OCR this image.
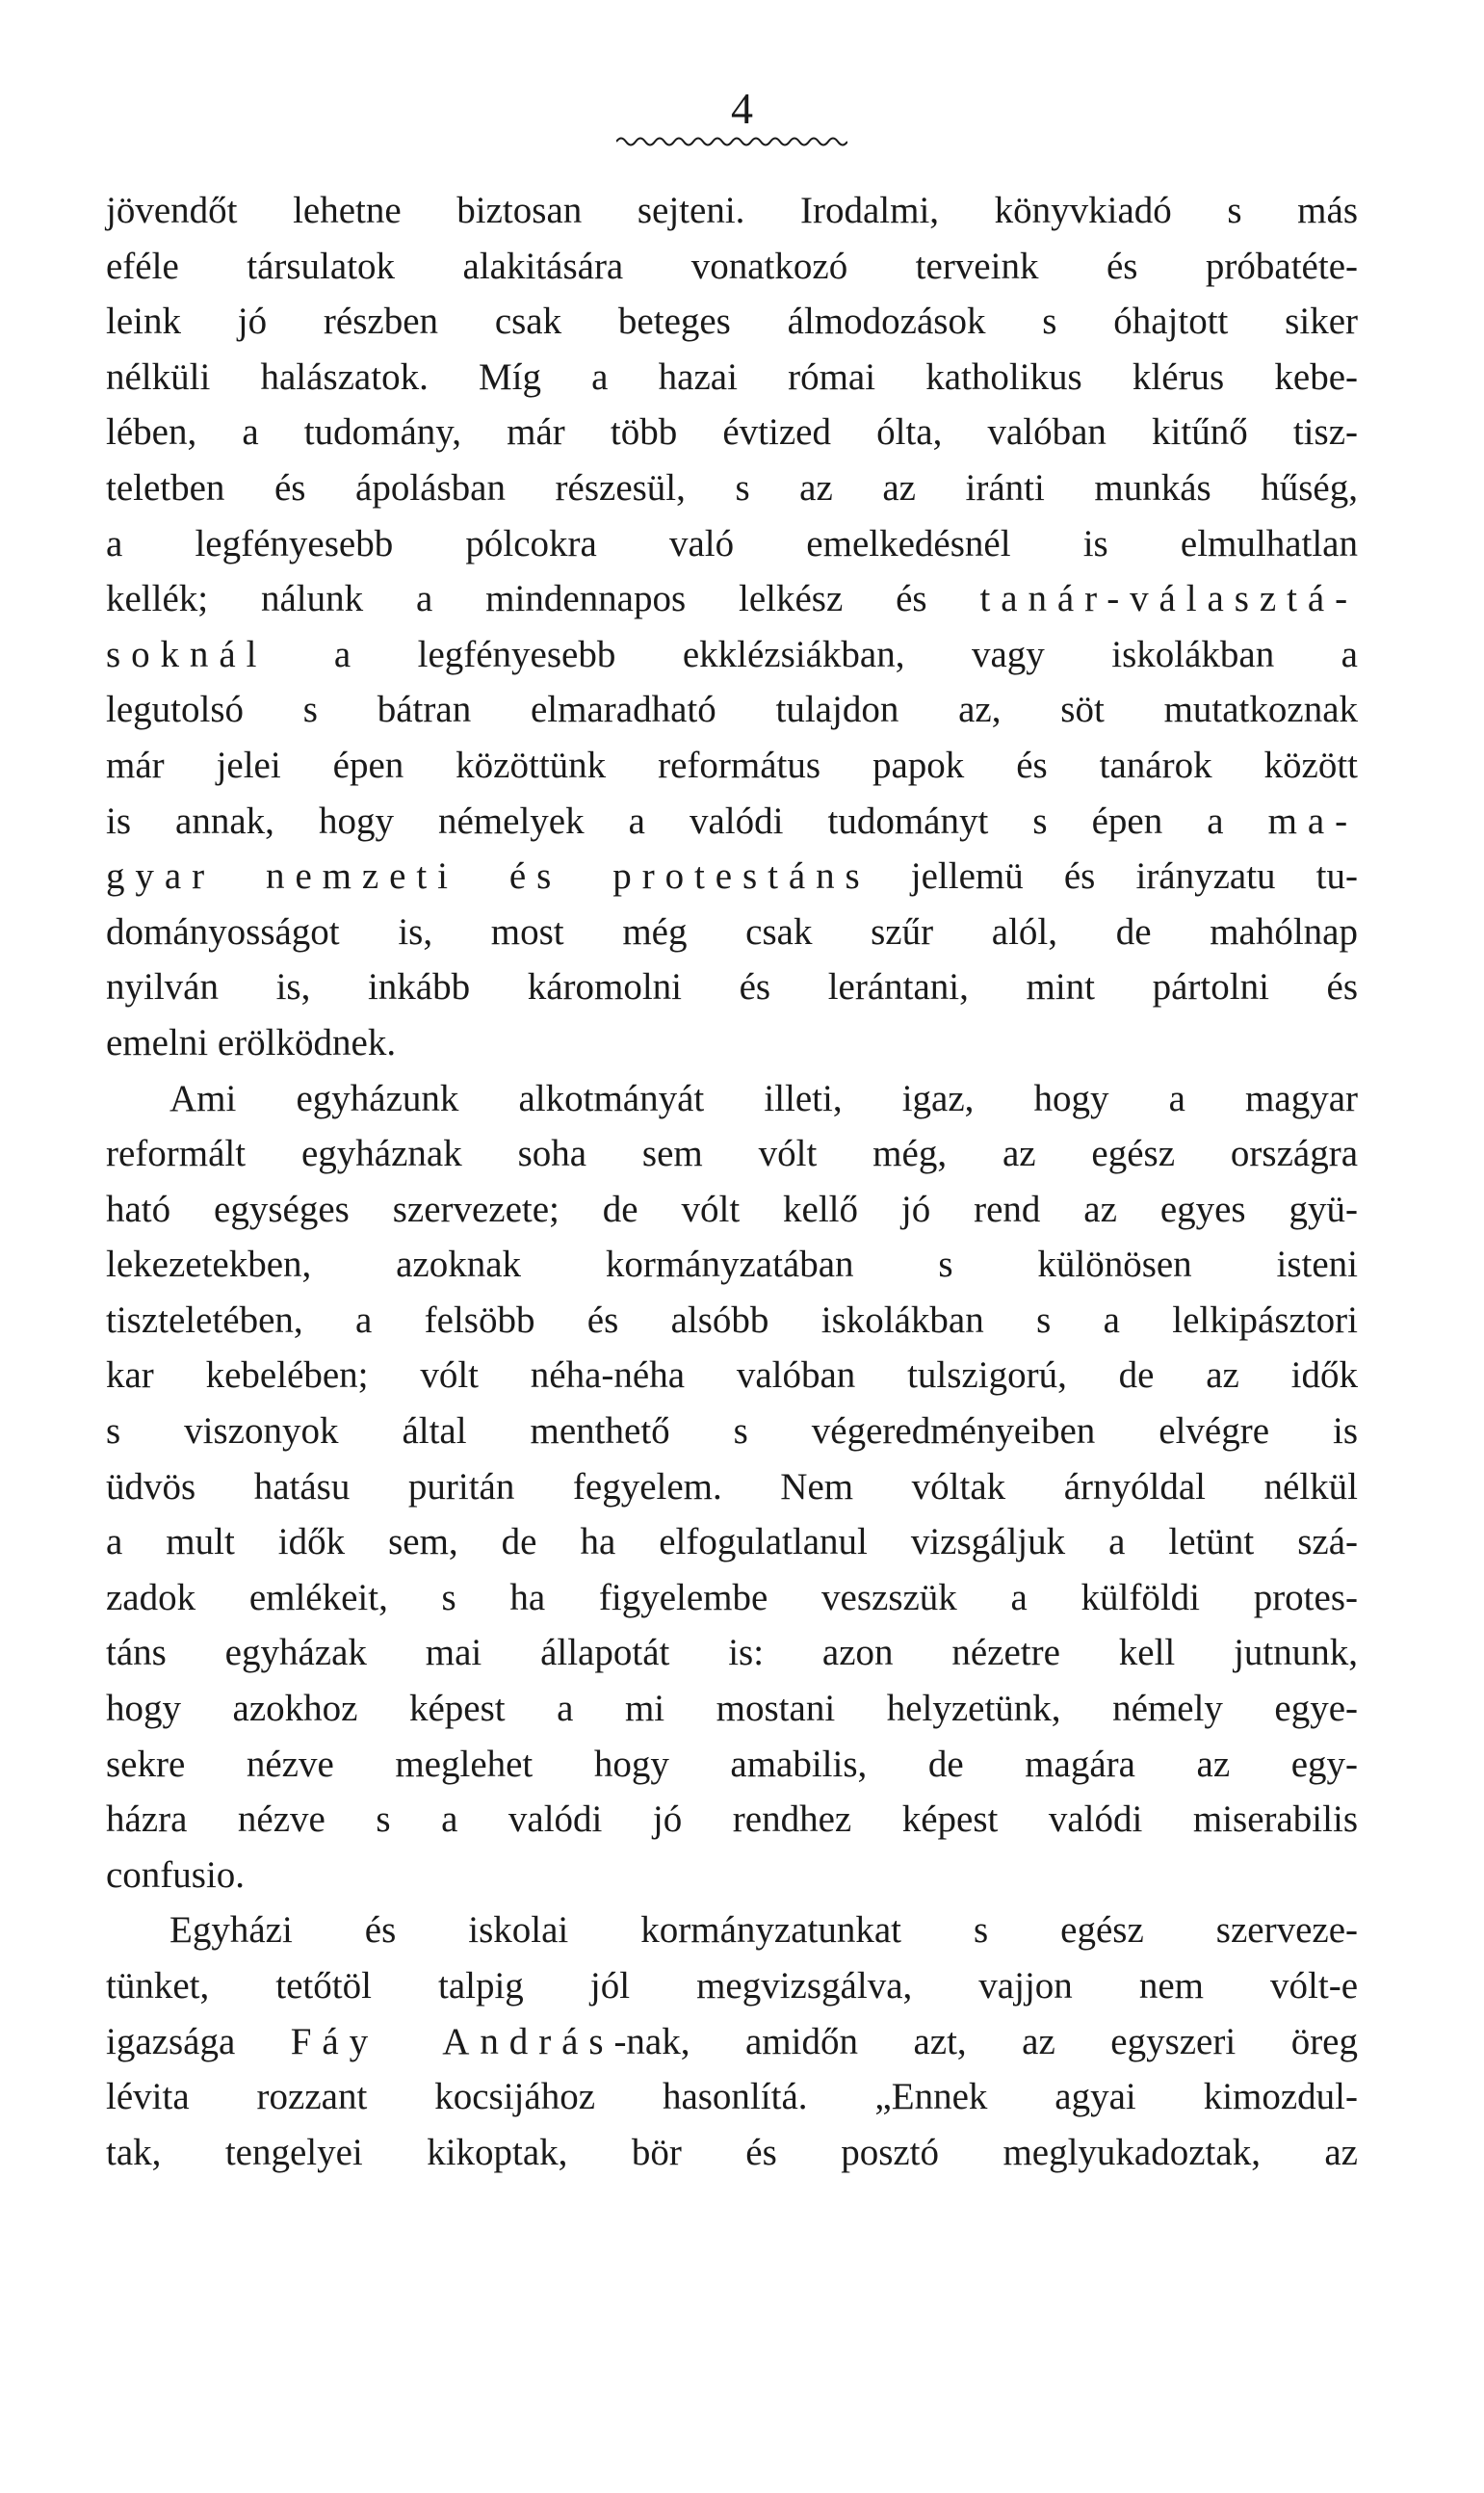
4
jövendőt lehetne biztosan sejteni. Irodalmi, könyvkiadó s más
eféle társulatok alakitására vonatkozó terveink és próbatéte-
leink jó részben csak beteges álmodozások s óhajtott siker
nélküli halászatok. Míg a hazai római katholikus klérus kebe-
lében, a tudomány, már több évtized ólta, valóban kitűnő tisz-
teletben és ápolásban részesül, s az az iránti munkás hűség,
a legfényesebb pólcokra való emelkedésnél is elmulhatlan
kellék; nálunk a mindennapos lelkész és tanár-választá-
soknál a legfényesebb ekklézsiákban, vagy iskolákban a
legutolsó s bátran elmaradható tulajdon az, söt mutatkoznak
már jelei épen közöttünk református papok és tanárok között
is annak, hogy némelyek a valódi tudományt s épen a ma-
gyar nemzeti és protestáns jellemü és irányzatu tu-
dományosságot is, most még csak szűr alól, de mahólnap
nyilván is, inkább káromolni és lerántani, mint pártolni és
emelni erölködnek.
Ami egyházunk alkotmányát illeti, igaz, hogy a magyar
reformált egyháznak soha sem vólt még, az egész országra
ható egységes szervezete; de vólt kellő jó rend az egyes gyü-
lekezetekben, azoknak kormányzatában s különösen isteni
tiszteletében, a felsöbb és alsóbb iskolákban s a lelkipásztori
kar kebelében; vólt néha-néha valóban tulszigorú, de az idők
s viszonyok által menthető s végeredményeiben elvégre is
üdvös hatásu puritán fegyelem. Nem vóltak árnyóldal nélkül
a mult idők sem, de ha elfogulatlanul vizsgáljuk a letünt szá-
zadok emlékeit, s ha figyelembe veszszük a külföldi protes-
táns egyházak mai állapotát is: azon nézetre kell jutnunk,
hogy azokhoz képest a mi mostani helyzetünk, némely egye-
sekre nézve meglehet hogy amabilis, de magára az egy-
házra nézve s a valódi jó rendhez képest valódi miserabilis
confusio.
Egyházi és iskolai kormányzatunkat s egész szerveze-
tünket, tetőtöl talpig jól megvizsgálva, vajjon nem vólt-e
igazsága Fáy András-nak, amidőn azt, az egyszeri öreg
lévita rozzant kocsijához hasonlítá. „Ennek agyai kimozdul-
tak, tengelyei kikoptak, bör és posztó meglyukadoztak, az
